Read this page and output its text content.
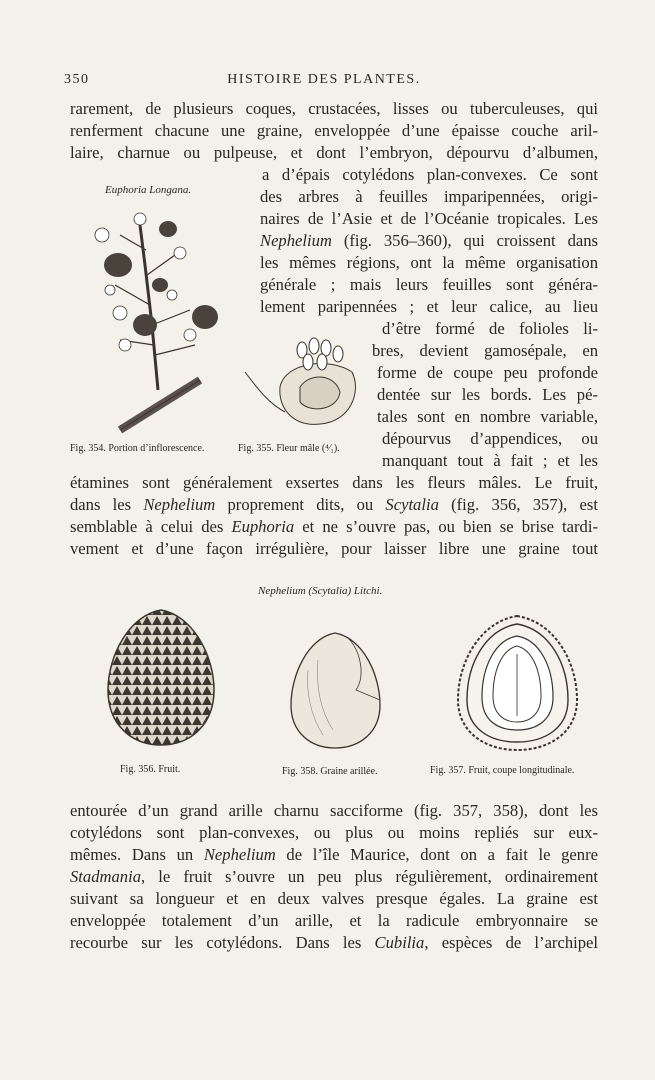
350	HISTOIRE DES PLANTES.
rarement, de plusieurs coques, crustacées, lisses ou tuberculeuses, qui
renferment chacune une graine, enveloppée d’une épaisse couche aril-
laire, charnue ou pulpeuse, et dont l’embryon, dépourvu d’albumen,
a d’épais cotylédons plan-convexes. Ce sont
des arbres à feuilles imparipennées, origi-
naires de l’Asie et de l’Océanie tropicales. Les
Nephelium (fig. 356–360), qui croissent dans
les mêmes régions, ont la même organisation
générale ; mais leurs feuilles sont généra-
lement paripennées ; et leur calice, au lieu
d’être formé de folioles li-
bres, devient gamosépale, en
forme de coupe peu profonde
dentée sur les bords. Les pé-
tales sont en nombre variable,
dépourvus d’appendices, ou
manquant tout à fait ; et les
étamines sont généralement exsertes dans les fleurs mâles. Le fruit,
dans les Nephelium proprement dits, ou Scytalia (fig. 356, 357), est
semblable à celui des Euphoria et ne s’ouvre pas, ou bien se brise tardi-
vement et d’une façon irrégulière, pour laisser libre une graine tout
Euphoria Longana.
Fig. 354. Portion d’inflorescence.	Fig. 355. Fleur mâle (⁴⁄₁).
Nephelium (Scytalia) Litchi.
Fig. 356. Fruit.	Fig. 358. Graine arillée.	Fig. 357. Fruit, coupe longitudinale.
entourée d’un grand arille charnu sacciforme (fig. 357, 358), dont les
cotylédons sont plan-convexes, ou plus ou moins repliés sur eux-
mêmes. Dans un Nephelium de l’île Maurice, dont on a fait le genre
Stadmania, le fruit s’ouvre un peu plus régulièrement, ordinairement
suivant sa longueur et en deux valves presque égales. La graine est
enveloppée totalement d’un arille, et la radicule embryonnaire se
recourbe sur les cotylédons. Dans les Cubilia, espèces de l’archipel
